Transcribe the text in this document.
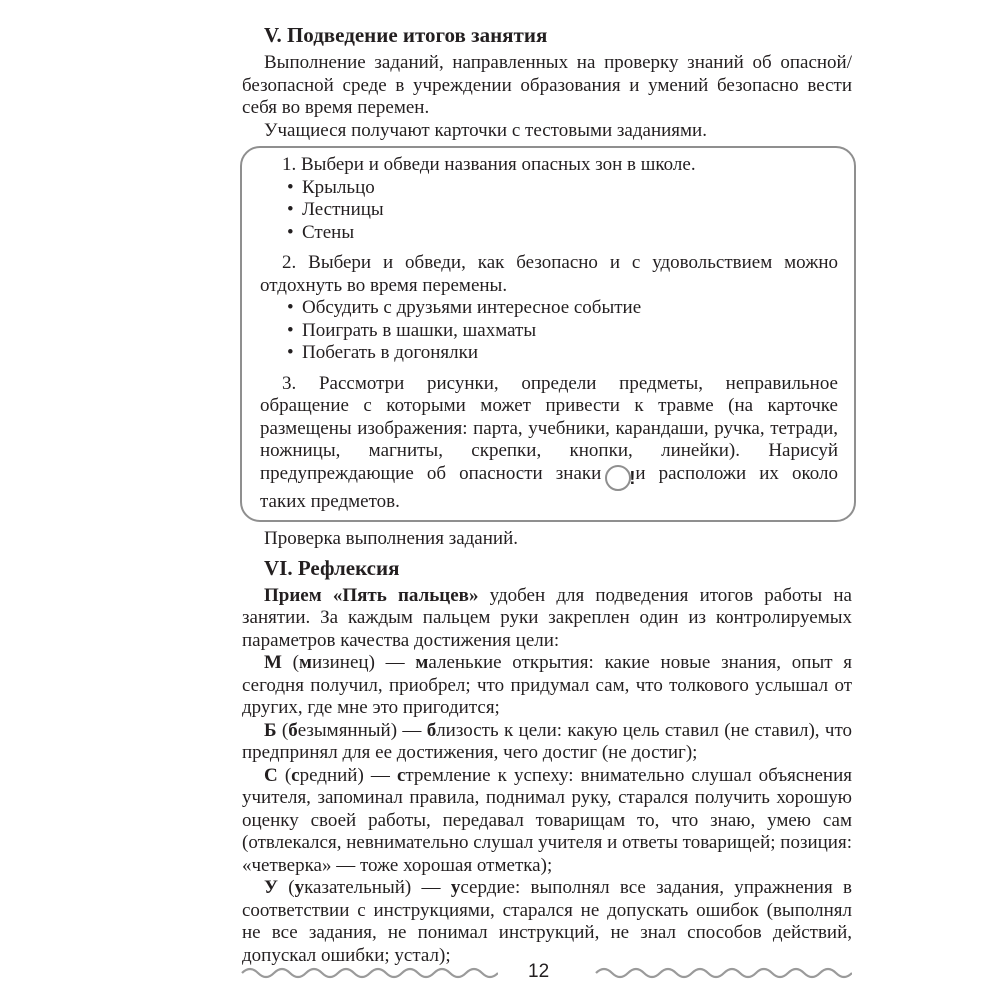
V. Подведение итогов занятия

Выполнение заданий, направленных на проверку знаний об опасной/безопасной среде в учреждении образования и умений безопасно вести себя во время перемен.

Учащиеся получают карточки с тестовыми заданиями.

1. Выбери и обведи названия опасных зон в школе.

• Крыльцо
• Лестницы
• Стены

2. Выбери и обведи, как безопасно и с удовольствием можно отдохнуть во время перемены.

• Обсудить с друзьями интересное событие
• Поиграть в шашки, шахматы
• Побегать в догонялки

3. Рассмотри рисунки, определи предметы, неправильное обращение с которыми может привести к травме (на карточке размещены изображения: парта, учебники, карандаши, ручка, тетради, ножницы, магниты, скрепки, кнопки, линейки). Нарисуй предупреждающие об опасности знаки !и расположи их около таких предметов.

Проверка выполнения заданий.

VI. Рефлексия

Прием «Пять пальцев» удобен для подведения итогов работы на занятии. За каждым пальцем руки закреплен один из контролируемых параметров качества достижения цели:

М (мизинец) — маленькие открытия: какие новые знания, опыт я сегодня получил, приобрел; что придумал сам, что толкового услышал от других, где мне это пригодится;

Б (безымянный) — близость к цели: какую цель ставил (не ставил), что предпринял для ее достижения, чего достиг (не достиг);

С (средний) — стремление к успеху: внимательно слушал объяснения учителя, запоминал правила, поднимал руку, старался получить хорошую оценку своей работы, передавал товарищам то, что знаю, умею сам (отвлекался, невнимательно слушал учителя и ответы товарищей; позиция: «четверка» — тоже хорошая отметка);

У (указательный) — усердие: выполнял все задания, упражнения в соответствии с инструкциями, старался не допускать ошибок (выполнял не все задания, не понимал инструкций, не знал способов действий, допускал ошибки; устал);

12
